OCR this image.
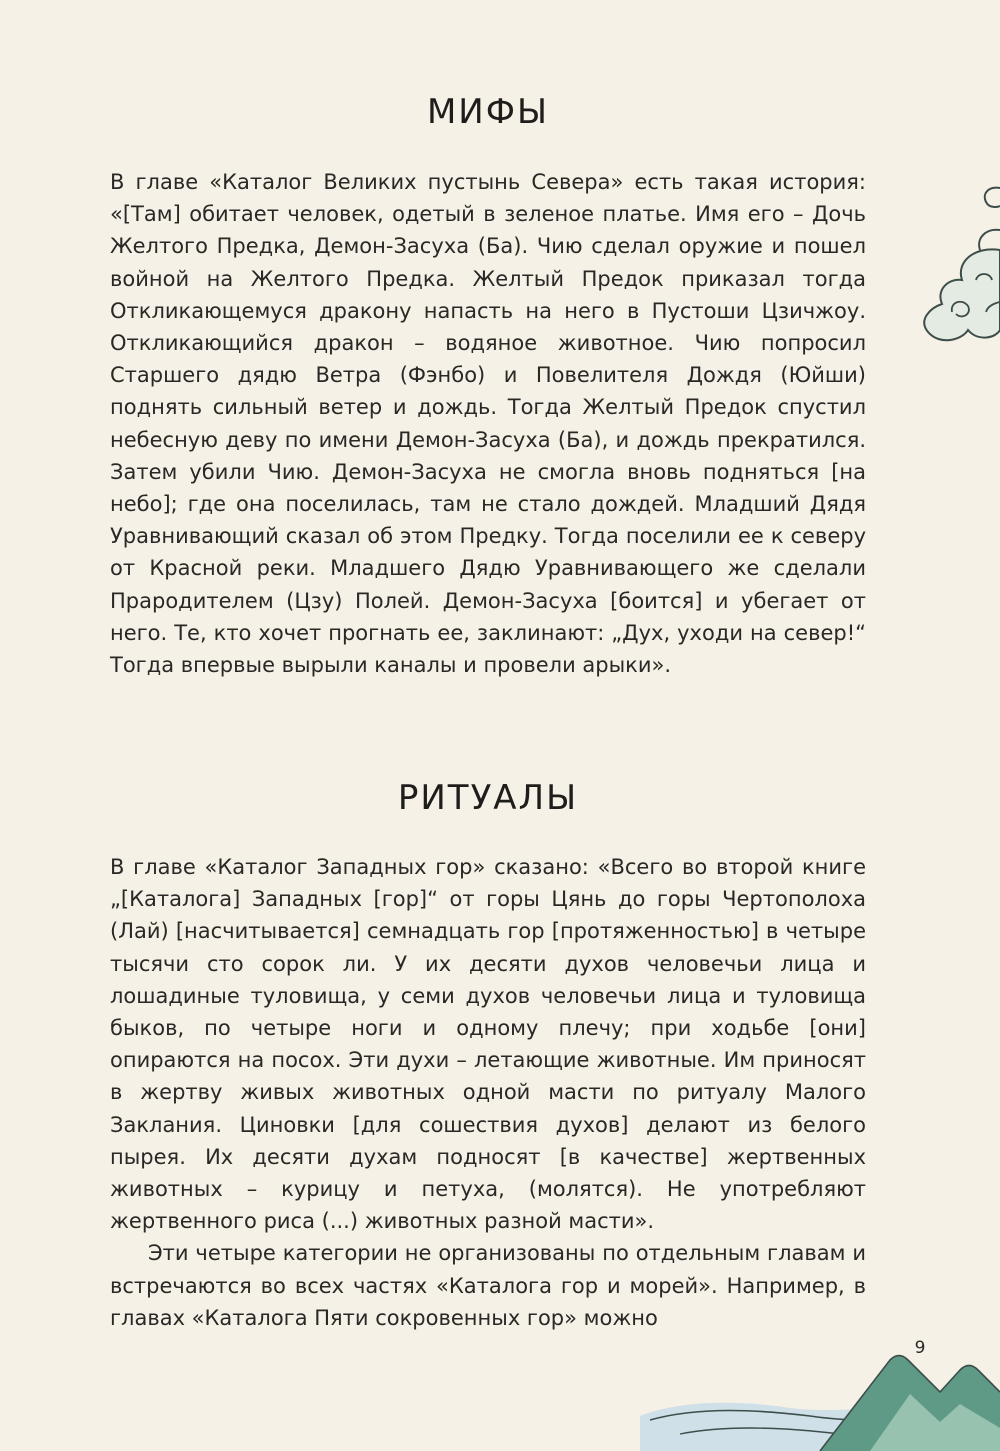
МИФЫ

В главе «Каталог Великих пустынь Севера» есть такая история: «[Там] обитает человек, одетый в зеленое платье. Имя его – Дочь Желтого Предка, Демон-Засуха (Ба). Чию сделал оружие и пошел войной на Желтого Предка. Желтый Предок приказал тогда Откликающемуся дракону напасть на него в Пустоши Цзичжоу. Откликающийся дракон – водяное животное. Чию попросил Старшего дядю Ветра (Фэнбо) и Повелителя Дождя (Юйши) поднять сильный ветер и дождь. Тогда Желтый Предок спустил небесную деву по имени Демон-Засуха (Ба), и дождь прекратился. Затем убили Чию. Демон-Засуха не смогла вновь подняться [на небо]; где она поселилась, там не стало дождей. Младший Дядя Уравнивающий сказал об этом Предку. Тогда поселили ее к северу от Красной реки. Младшего Дядю Уравнивающего же сделали Прародителем (Цзу) Полей. Демон-Засуха [боится] и убегает от него. Те, кто хочет прогнать ее, заклинают: „Дух, уходи на север!“ Тогда впервые вырыли каналы и провели арыки».

РИТУАЛЫ

В главе «Каталог Западных гор» сказано: «Всего во второй книге „[Каталога] Западных [гор]“ от горы Цянь до горы Чертополоха (Лай) [насчитывается] семнадцать гор [протяженностью] в четыре тысячи сто сорок ли. У их десяти духов человечьи лица и лошадиные туловища, у семи духов человечьи лица и туловища быков, по четыре ноги и одному плечу; при ходьбе [они] опираются на посох. Эти духи – летающие животные. Им приносят в жертву живых животных одной масти по ритуалу Малого Заклания. Циновки [для сошествия духов] делают из белого пырея. Их десяти духам подносят [в качестве] жертвенных животных – курицу и петуха, (молятся). Не употребляют жертвенного риса (...) животных разной масти».

Эти четыре категории не организованы по отдельным главам и встречаются во всех частях «Каталога гор и морей». Например, в главах «Каталога Пяти сокровенных гор» можно

9
